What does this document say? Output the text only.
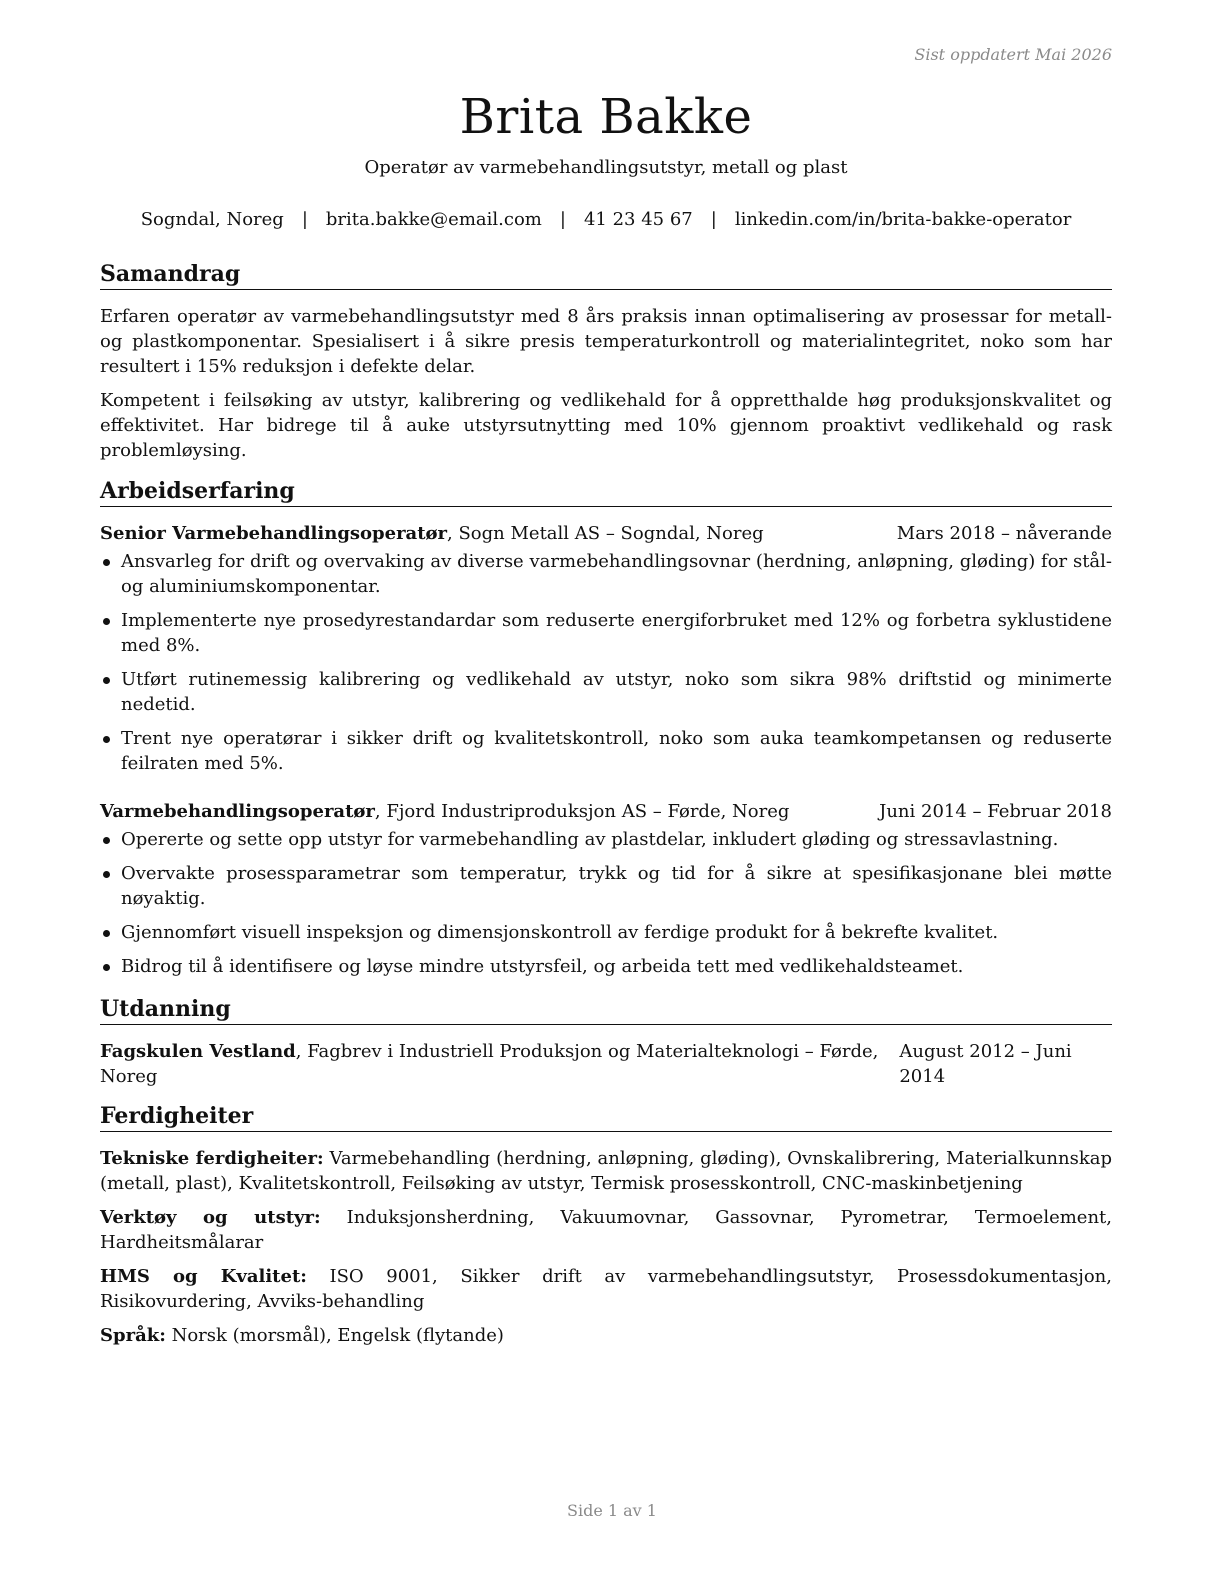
Sist oppdatert Mai 2026
Brita Bakke
Operatør av varmebehandlingsutstyr, metall og plast
Sogndal, Noreg	|	brita.bakke@email.com	|	41 23 45 67	|	linkedin.com/in/brita-bakke-operator
Samandrag

Erfaren operatør av varmebehandlingsutstyr med 8 års praksis innan optimalisering av prosessar for metall- og plastkomponentar. Spesialisert i å sikre presis temperaturkontroll og materialintegritet, noko som har resultert i 15% reduksjon i defekte delar.

Kompetent i feilsøking av utstyr, kalibrering og vedlikehald for å oppretthalde høg produksjonskvalitet og effektivitet. Har bidrege til å auke utstyrsutnytting med 10% gjennom proaktivt vedlikehald og rask problemløysing.

Arbeidserfaring
Senior Varmebehandlingsoperatør, Sogn Metall AS – Sogndal, Noreg	Mars 2018 – nåverande
Ansvarleg for drift og overvaking av diverse varmebehandlingsovnar (herdning, anløpning, gløding) for stål- og aluminiumskomponentar.
Implementerte nye prosedyrestandardar som reduserte energiforbruket med 12% og forbetra syklustidene med 8%.
Utført rutinemessig kalibrering og vedlikehald av utstyr, noko som sikra 98% driftstid og minimerte nedetid.
Trent nye operatørar i sikker drift og kvalitetskontroll, noko som auka teamkompetansen og reduserte feilraten med 5%.
Varmebehandlingsoperatør, Fjord Industriproduksjon AS – Førde, Noreg	Juni 2014 – Februar 2018
Opererte og sette opp utstyr for varmebehandling av plastdelar, inkludert gløding og stressavlastning.
Overvakte prosessparametrar som temperatur, trykk og tid for å sikre at spesifikasjonane blei møtte nøyaktig.
Gjennomført visuell inspeksjon og dimensjonskontroll av ferdige produkt for å bekrefte kvalitet.
Bidrog til å identifisere og løyse mindre utstyrsfeil, og arbeida tett med vedlikehaldsteamet.
Utdanning
Fagskulen Vestland, Fagbrev i Industriell Produksjon og Materialteknologi – Førde, Noreg
August 2012 – Juni 2014
Ferdigheiter
Tekniske ferdigheiter: Varmebehandling (herdning, anløpning, gløding), Ovnskalibrering, Materialkunnskap (metall, plast), Kvalitetskontroll, Feilsøking av utstyr, Termisk prosesskontroll, CNC-maskinbetjening
Verktøy og utstyr: Induksjonsherdning, Vakuumovnar, Gassovnar, Pyrometrar, Termoelement, Hardheitsmålarar
HMS og Kvalitet: ISO 9001, Sikker drift av varmebehandlingsutstyr, Prosessdokumentasjon, Risikovurdering, Avviks-behandling
Språk: Norsk (morsmål), Engelsk (flytande)
Side 1 av 1
